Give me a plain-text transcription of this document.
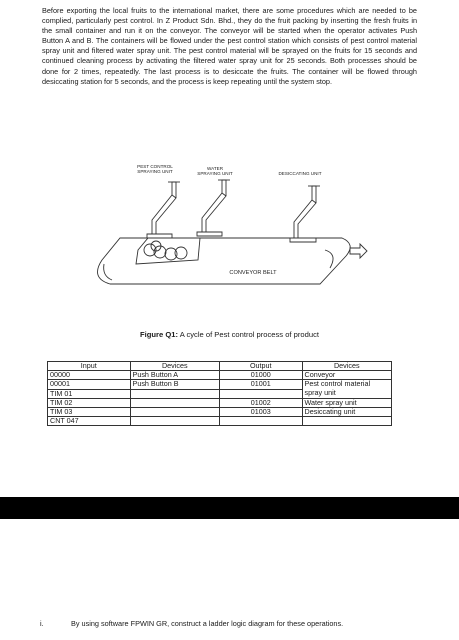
Before exporting the local fruits to the international market, there are some procedures which are needed to be complied, particularly pest control. In Z Product Sdn. Bhd., they do the fruit packing by inserting the fresh fruits in the small container and run it on the conveyor. The conveyor will be started when the operator activates Push Button A and B. The containers will be flowed under the pest control station which consists of pest control material spray unit and filtered water spray unit. The pest control material will be sprayed on the fruits for 15 seconds and continued cleaning process by activating the filtered water spray unit for 25 seconds. Both processes should be done for 2 times, repeatedly. The last process is to desiccate the fruits. The container will be flowed through desiccating station for 5 seconds, and the process is keep repeating until the system stop.

PEST CONTROL
SPRAYING UNIT
WATER
SPRAYING UNIT	DESICCATING UNIT
CONVEYOR BELT
Figure Q1: A cycle of Pest control process of product
Input	Devices	Output	Devices
00000	Push Button A	01000	Conveyor
00001	Push Button B	01001	Pest control material spray unit
TIM 01			
TIM 02		01002	Water spray unit
TIM 03		01003	Desiccating unit
CNT 047			
i.	By using software FPWIN GR, construct a ladder logic diagram for these operations.
